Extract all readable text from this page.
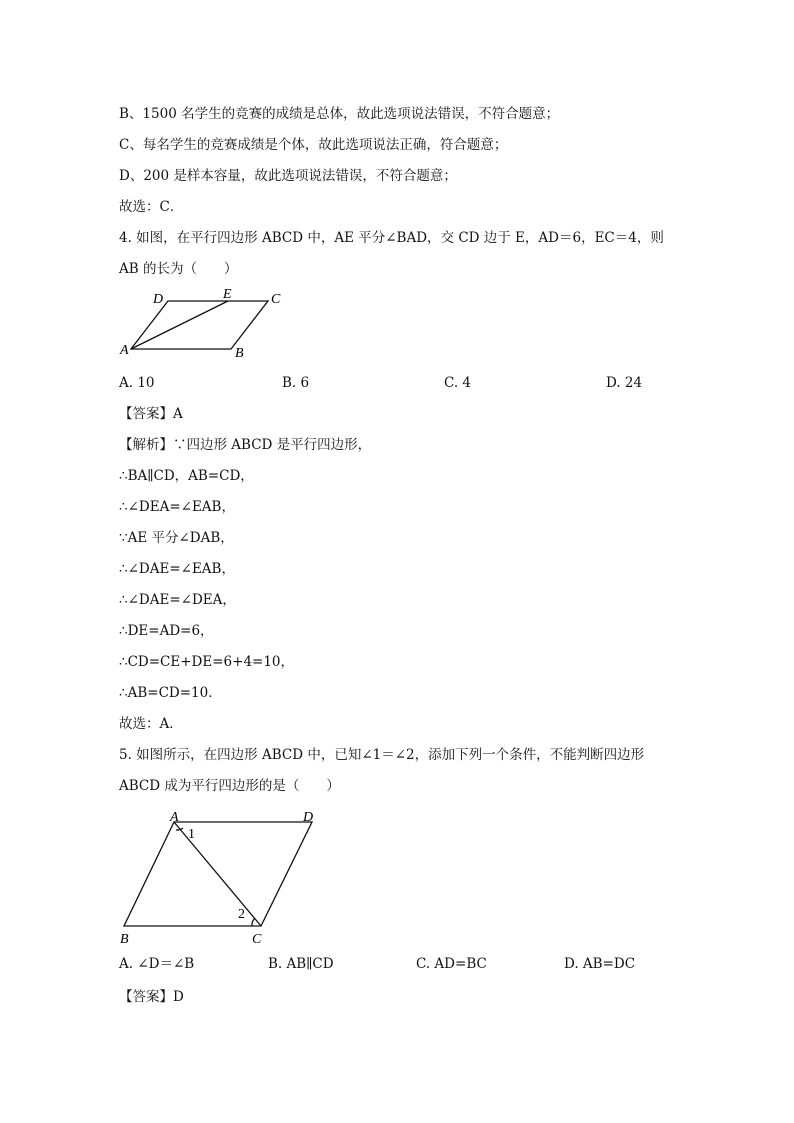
B、1500 名学生的竞赛的成绩是总体，故此选项说法错误，不符合题意；
C、每名学生的竞赛成绩是个体，故此选项说法正确，符合题意；
D、200 是样本容量，故此选项说法错误，不符合题意；
故选：C．
4. 如图，在平行四边形 ABCD 中，AE 平分∠BAD，交 CD 边于 E，AD＝6，EC＝4，则
AB 的长为（　　）
A	B
C
D	E
A	D
B	C
1
2
A. 10	B. 6	C. 4	D. 24
【答案】A
【解析】∵四边形 ABCD 是平行四边形，
∴BA∥CD，AB=CD，
∴∠DEA=∠EAB，
∵AE 平分∠DAB，
∴∠DAE=∠EAB，
∴∠DAE=∠DEA，
∴DE=AD=6，
∴CD=CE+DE=6+4=10，
∴AB=CD=10．
故选：A．
5. 如图所示，在四边形 ABCD 中，已知∠1＝∠2，添加下列一个条件，不能判断四边形
ABCD 成为平行四边形的是（　　）
A. ∠D＝∠B	B. AB∥CD	C. AD=BC	D. AB=DC
【答案】D
